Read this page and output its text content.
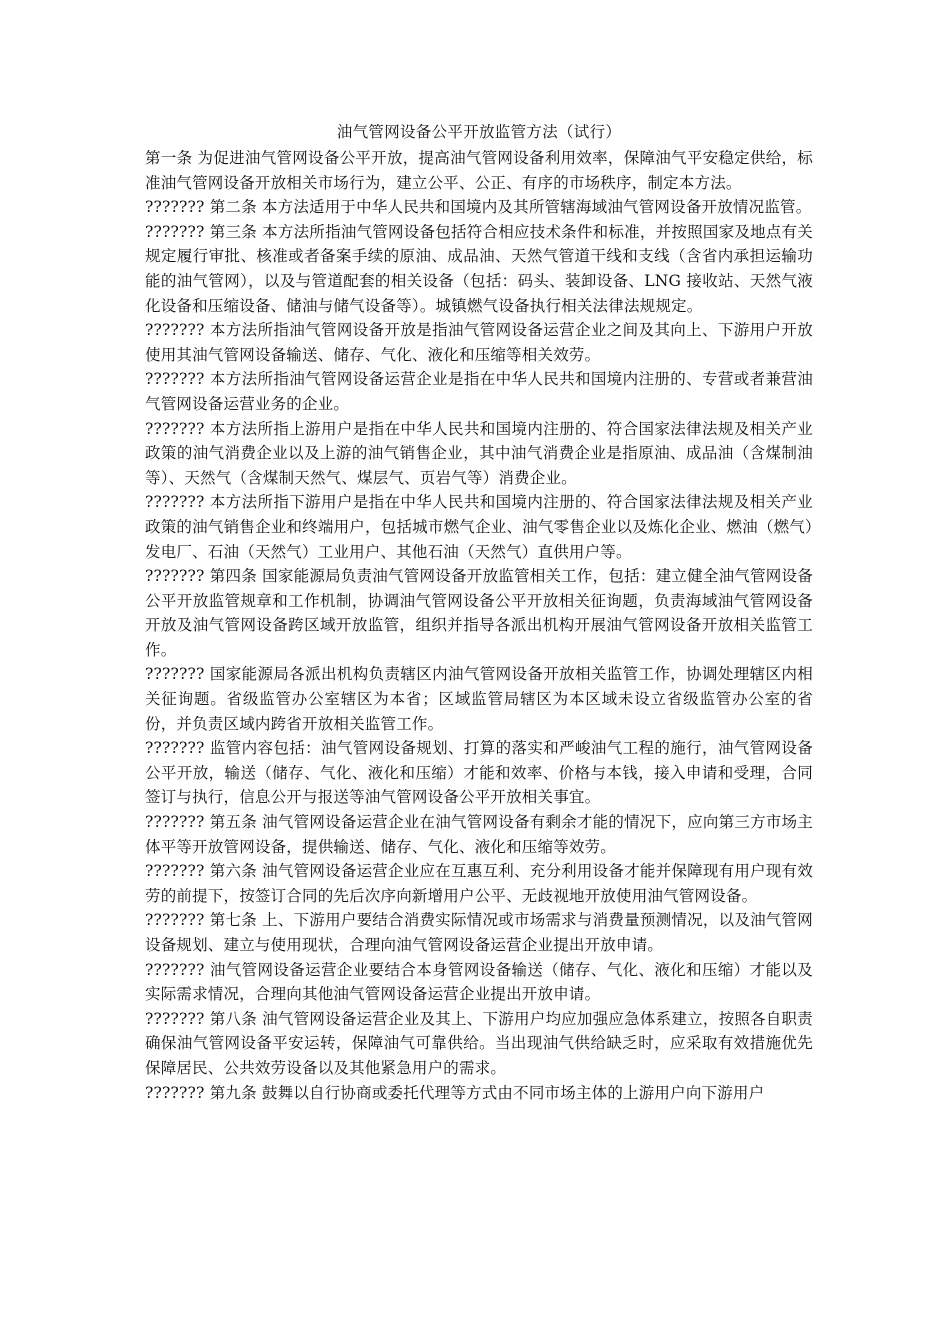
油气管网设备公平开放监管方法（试行）

第一条 为促进油气管网设备公平开放，提高油气管网设备利用效率，保障油气平安稳定供给，标准油气管网设备开放相关市场行为，建立公平、公正、有序的市场秩序，制定本方法。

??????? 第二条 本方法适用于中华人民共和国境内及其所管辖海域油气管网设备开放情况监管。

??????? 第三条 本方法所指油气管网设备包括符合相应技术条件和标准，并按照国家及地点有关规定履行审批、核准或者备案手续的原油、成品油、天然气管道干线和支线（含省内承担运输功能的油气管网），以及与管道配套的相关设备（包括：码头、装卸设备、LNG 接收站、天然气液化设备和压缩设备、储油与储气设备等）。城镇燃气设备执行相关法律法规规定。

??????? 本方法所指油气管网设备开放是指油气管网设备运营企业之间及其向上、下游用户开放使用其油气管网设备输送、储存、气化、液化和压缩等相关效劳。

??????? 本方法所指油气管网设备运营企业是指在中华人民共和国境内注册的、专营或者兼营油气管网设备运营业务的企业。

??????? 本方法所指上游用户是指在中华人民共和国境内注册的、符合国家法律法规及相关产业政策的油气消费企业以及上游的油气销售企业，其中油气消费企业是指原油、成品油（含煤制油等）、天然气（含煤制天然气、煤层气、页岩气等）消费企业。

??????? 本方法所指下游用户是指在中华人民共和国境内注册的、符合国家法律法规及相关产业政策的油气销售企业和终端用户，包括城市燃气企业、油气零售企业以及炼化企业、燃油（燃气）发电厂、石油（天然气）工业用户、其他石油（天然气）直供用户等。

??????? 第四条 国家能源局负责油气管网设备开放监管相关工作，包括：建立健全油气管网设备公平开放监管规章和工作机制，协调油气管网设备公平开放相关征询题，负责海域油气管网设备开放及油气管网设备跨区域开放监管，组织并指导各派出机构开展油气管网设备开放相关监管工作。

??????? 国家能源局各派出机构负责辖区内油气管网设备开放相关监管工作，协调处理辖区内相关征询题。省级监管办公室辖区为本省；区域监管局辖区为本区域未设立省级监管办公室的省份，并负责区域内跨省开放相关监管工作。

??????? 监管内容包括：油气管网设备规划、打算的落实和严峻油气工程的施行，油气管网设备公平开放，输送（储存、气化、液化和压缩）才能和效率、价格与本钱，接入申请和受理，合同签订与执行，信息公开与报送等油气管网设备公平开放相关事宜。

??????? 第五条 油气管网设备运营企业在油气管网设备有剩余才能的情况下，应向第三方市场主体平等开放管网设备，提供输送、储存、气化、液化和压缩等效劳。

??????? 第六条 油气管网设备运营企业应在互惠互利、充分利用设备才能并保障现有用户现有效劳的前提下，按签订合同的先后次序向新增用户公平、无歧视地开放使用油气管网设备。

??????? 第七条 上、下游用户要结合消费实际情况或市场需求与消费量预测情况，以及油气管网设备规划、建立与使用现状，合理向油气管网设备运营企业提出开放申请。

??????? 油气管网设备运营企业要结合本身管网设备输送（储存、气化、液化和压缩）才能以及实际需求情况，合理向其他油气管网设备运营企业提出开放申请。

??????? 第八条 油气管网设备运营企业及其上、下游用户均应加强应急体系建立，按照各自职责确保油气管网设备平安运转，保障油气可靠供给。当出现油气供给缺乏时，应采取有效措施优先保障居民、公共效劳设备以及其他紧急用户的需求。

??????? 第九条 鼓舞以自行协商或委托代理等方式由不同市场主体的上游用户向下游用户
